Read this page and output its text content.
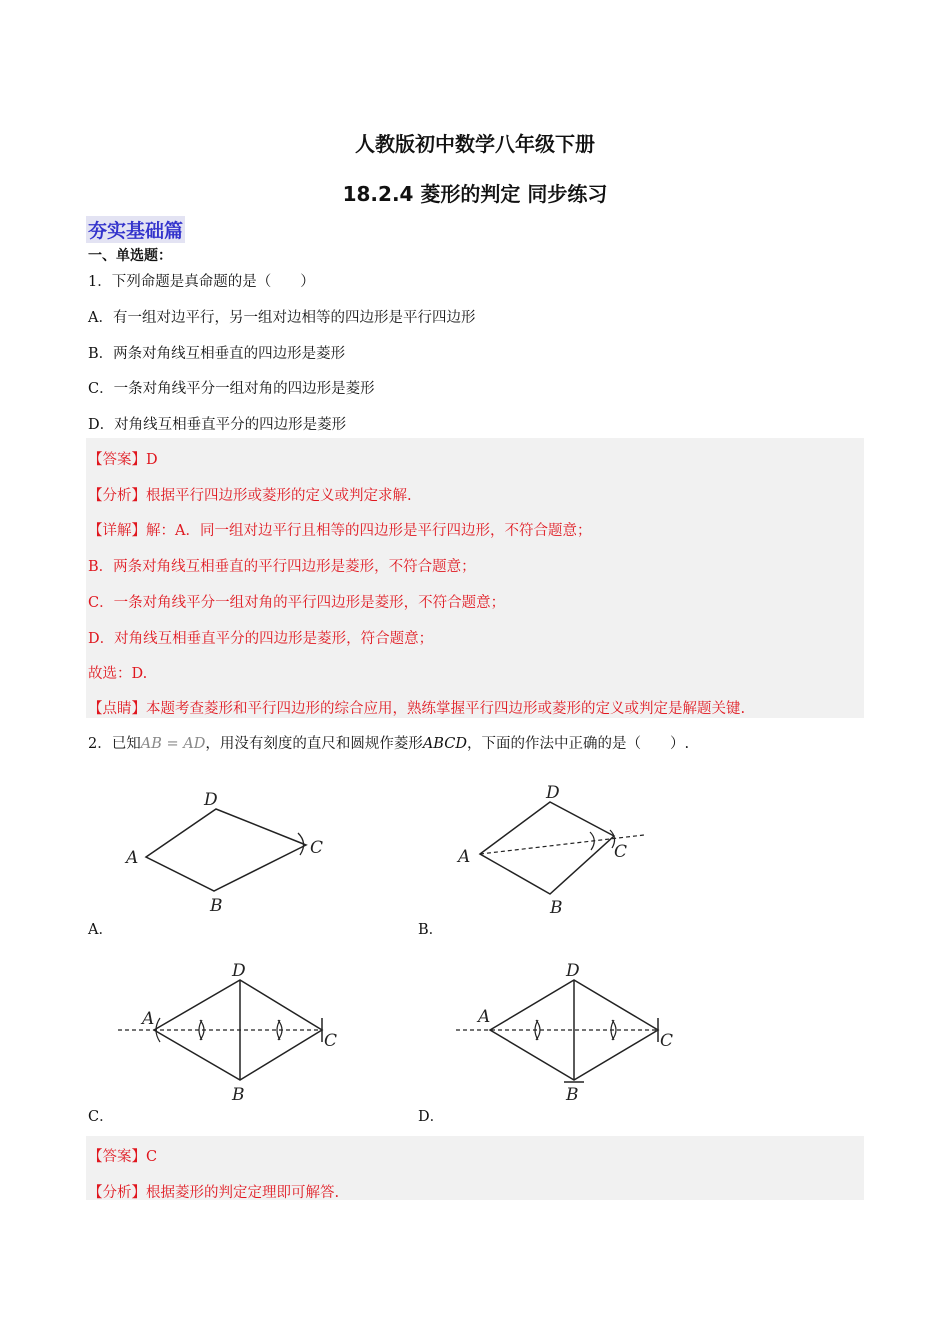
人教版初中数学八年级下册
18.2.4 菱形的判定 同步练习
夯实基础篇
一、单选题：
1．下列命题是真命题的是（　　）
A．有一组对边平行，另一组对边相等的四边形是平行四边形
B．两条对角线互相垂直的四边形是菱形
C．一条对角线平分一组对角的四边形是菱形
D．对角线互相垂直平分的四边形是菱形
【答案】D
【分析】根据平行四边形或菱形的定义或判定求解.
【详解】解：A．同一组对边平行且相等的四边形是平行四边形，不符合题意；
B．两条对角线互相垂直的平行四边形是菱形，不符合题意；
C．一条对角线平分一组对角的平行四边形是菱形，不符合题意；
D．对角线互相垂直平分的四边形是菱形，符合题意；
故选：D.
【点睛】本题考查菱形和平行四边形的综合应用，熟练掌握平行四边形或菱形的定义或判定是解题关键.
2．已知AB = AD，用没有刻度的直尺和圆规作菱形ABCD，下面的作法中正确的是（　　）.
A
D
C
B
A．
A
D
C
B
B．
A
D
C
B
C．
A
D
C
B
D．
【答案】C
【分析】根据菱形的判定定理即可解答.
